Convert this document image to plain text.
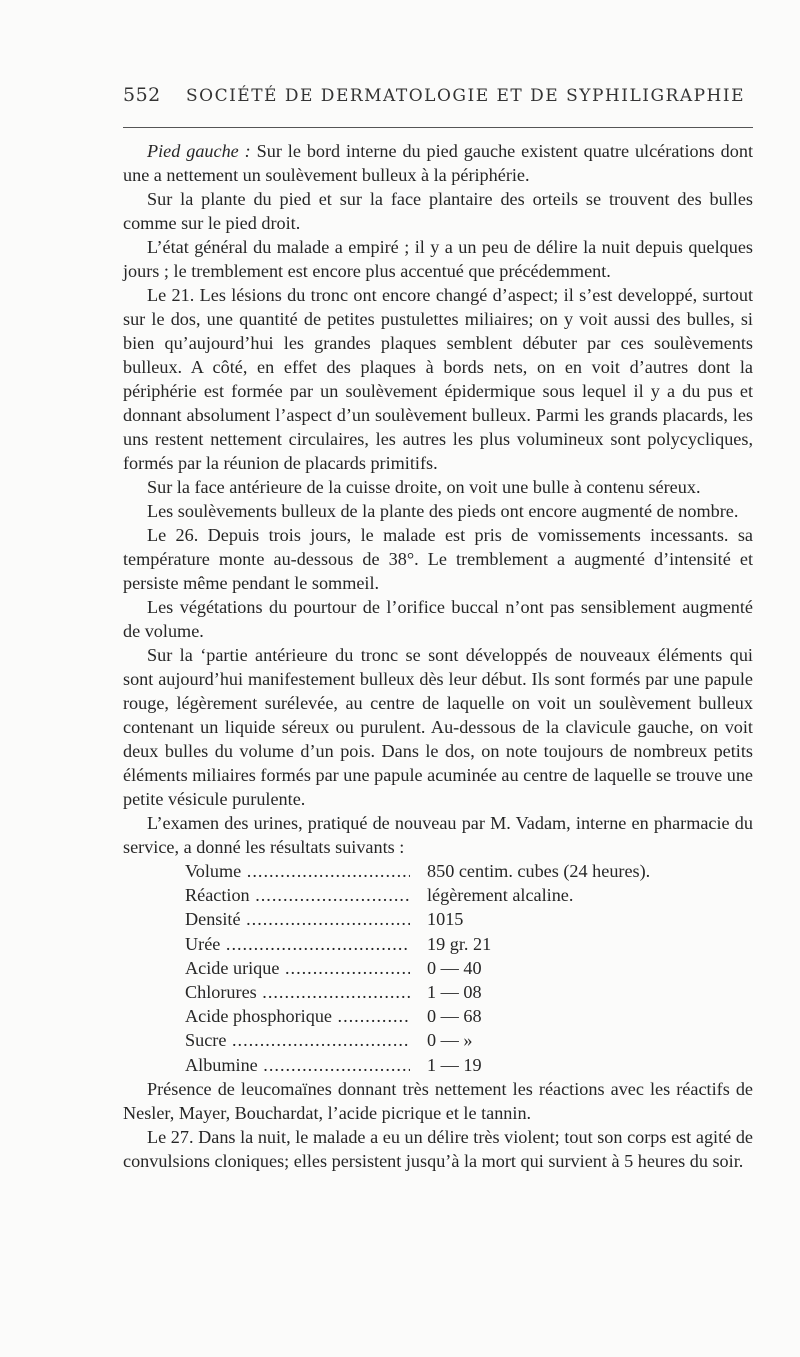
552 SOCIÉTÉ DE DERMATOLOGIE ET DE SYPHILIGRAPHIE

Pied gauche : Sur le bord interne du pied gauche existent quatre ulcérations dont une a nettement un soulèvement bulleux à la périphérie.

Sur la plante du pied et sur la face plantaire des orteils se trouvent des bulles comme sur le pied droit.

L’état général du malade a empiré ; il y a un peu de délire la nuit depuis quelques jours ; le tremblement est encore plus accentué que précédemment.

Le 21. Les lésions du tronc ont encore changé d’aspect; il s’est developpé, surtout sur le dos, une quantité de petites pustulettes miliaires; on y voit aussi des bulles, si bien qu’aujourd’hui les grandes plaques semblent débuter par ces soulèvements bulleux. A côté, en effet des plaques à bords nets, on en voit d’autres dont la périphérie est formée par un soulèvement épidermique sous lequel il y a du pus et donnant absolument l’aspect d’un soulèvement bulleux. Parmi les grands placards, les uns restent nettement circulaires, les autres les plus volumineux sont polycycliques, formés par la réunion de placards primitifs.

Sur la face antérieure de la cuisse droite, on voit une bulle à contenu séreux.

Les soulèvements bulleux de la plante des pieds ont encore augmenté de nombre.

Le 26. Depuis trois jours, le malade est pris de vomissements incessants. sa température monte au-dessous de 38°. Le tremblement a augmenté d’intensité et persiste même pendant le sommeil.

Les végétations du pourtour de l’orifice buccal n’ont pas sensiblement augmenté de volume.

Sur la ‘partie antérieure du tronc se sont développés de nouveaux éléments qui sont aujourd’hui manifestement bulleux dès leur début. Ils sont formés par une papule rouge, légèrement surélevée, au centre de laquelle on voit un soulèvement bulleux contenant un liquide séreux ou purulent. Au-dessous de la clavicule gauche, on voit deux bulles du volume d’un pois. Dans le dos, on note toujours de nombreux petits éléments miliaires formés par une papule acuminée au centre de laquelle se trouve une petite vésicule purulente.

L’examen des urines, pratiqué de nouveau par M. Vadam, interne en pharmacie du service, a donné les résultats suivants :

Volume .....	850 centim. cubes (24 heures).
Réaction .....	légèrement alcaline.
Densité .....	1015
Urée .....	19 gr. 21
Acide urique .....	0 — 40
Chlorures .....	1 — 08
Acide phosphorique .....	0 — 68
Sucre .....	0 — »
Albumine .....	1 — 19

Présence de leucomaïnes donnant très nettement les réactions avec les réactifs de Nesler, Mayer, Bouchardat, l’acide picrique et le tannin.

Le 27. Dans la nuit, le malade a eu un délire très violent; tout son corps est agité de convulsions cloniques; elles persistent jusqu’à la mort qui survient à 5 heures du soir.
